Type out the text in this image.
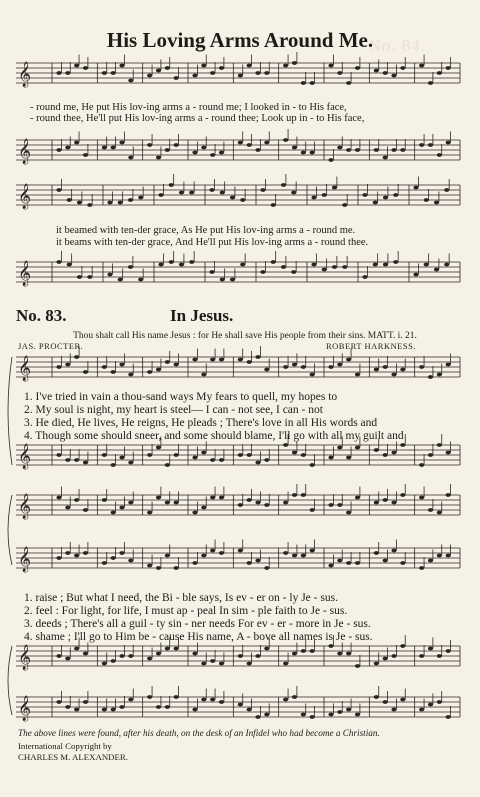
No. 84.
𝄞
𝄞
𝄞
𝄞
𝄞
𝄞
𝄞
𝄞
𝄞
𝄞
His Loving Arms Around Me.
- round me, He put His lov-ing arms a - round me; I looked in - to His face,
- round thee, He'll put His lov-ing arms a - round thee; Look up in - to His face,
it beamed with ten-der grace, As He put His lov-ing arms a - round me.
it beams with ten-der grace, And He'll put His lov-ing arms a - round thee.
No. 83.	In Jesus.
Thou shalt call His name Jesus : for He shall save His people from their sins. MATT. i. 21.
JAS. PROCTER.	ROBERT HARKNESS.
1. I've tried in vain a thou-sand ways My fears to quell, my hopes to
2. My soul is night, my heart is steel— I can - not see, I can - not
3. He died, He lives, He reigns, He pleads ; There's love in all His words and
4. Though some should sneer, and some should blame, I'll go with all my guilt and
1. raise ; But what I need, the Bi - ble says, Is ev - er on - ly Je - sus.
2. feel : For light, for life, I must ap - peal In sim - ple faith to Je - sus.
3. deeds ; There's all a guil - ty sin - ner needs For ev - er - more in Je - sus.
4. shame ; I'll go to Him be - cause His name, A - bove all names is Je - sus.
The above lines were found, after his death, on the desk of an Infidel who had become a Christian.
International Copyright by
CHARLES M. ALEXANDER.
